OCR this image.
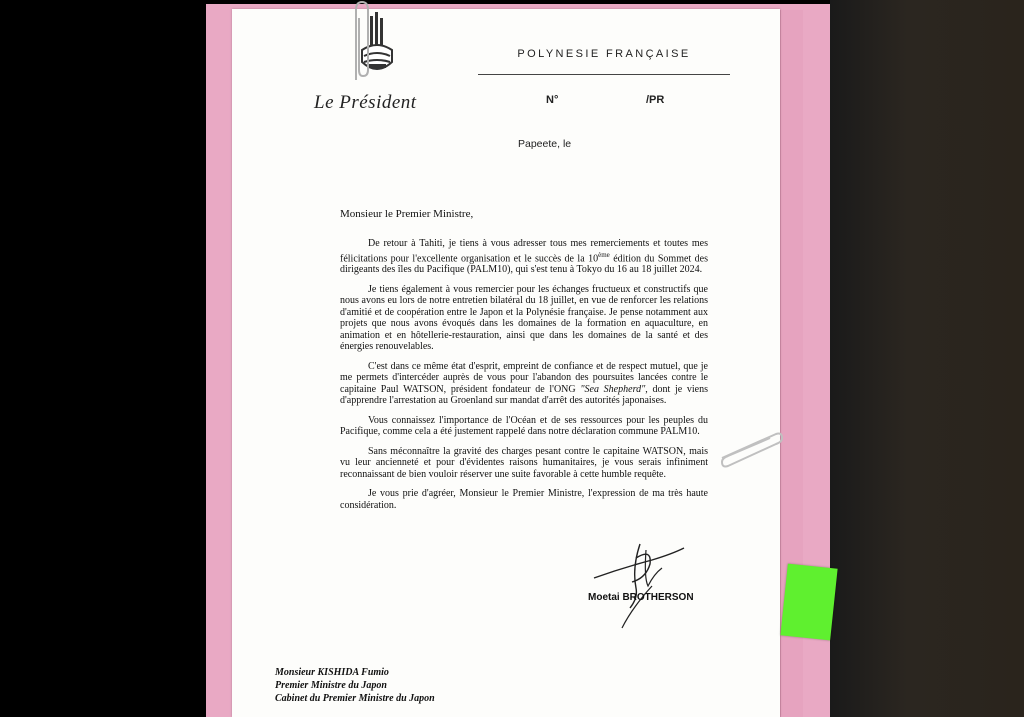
Le Président
POLYNESIE FRANÇAISE
N°	/PR
Papeete, le
Monsieur le Premier Ministre,

De retour à Tahiti, je tiens à vous adresser tous mes remerciements et toutes mes félicitations pour l'excellente organisation et le succès de la 10ème édition du Sommet des dirigeants des îles du Pacifique (PALM10), qui s'est tenu à Tokyo du 16 au 18 juillet 2024.

Je tiens également à vous remercier pour les échanges fructueux et constructifs que nous avons eu lors de notre entretien bilatéral du 18 juillet, en vue de renforcer les relations d'amitié et de coopération entre le Japon et la Polynésie française. Je pense notamment aux projets que nous avons évoqués dans les domaines de la formation en aquaculture, en animation et en hôtellerie-restauration, ainsi que dans les domaines de la santé et des énergies renouvelables.

C'est dans ce même état d'esprit, empreint de confiance et de respect mutuel, que je me permets d'intercéder auprès de vous pour l'abandon des poursuites lancées contre le capitaine Paul WATSON, président fondateur de l'ONG "Sea Shepherd", dont je viens d'apprendre l'arrestation au Groenland sur mandat d'arrêt des autorités japonaises.

Vous connaissez l'importance de l'Océan et de ses ressources pour les peuples du Pacifique, comme cela a été justement rappelé dans notre déclaration commune PALM10.

Sans méconnaître la gravité des charges pesant contre le capitaine WATSON, mais vu leur ancienneté et pour d'évidentes raisons humanitaires, je vous serais infiniment reconnaissant de bien vouloir réserver une suite favorable à cette humble requête.

Je vous prie d'agréer, Monsieur le Premier Ministre, l'expression de ma très haute considération.

Moetai BROTHERSON
Monsieur KISHIDA Fumio
Premier Ministre du Japon
Cabinet du Premier Ministre du Japon
